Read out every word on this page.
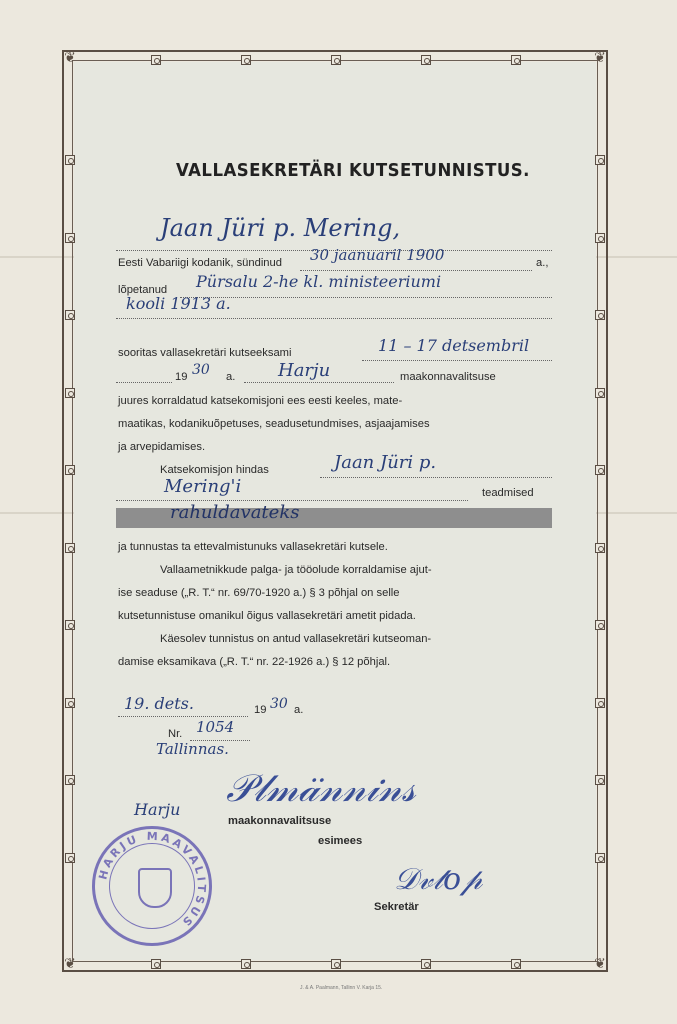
❦	❦
❦	❦
VALLASEKRETÄRI KUTSETUNNISTUS.
Jaan Jüri p. Mering,
Eesti Vabariigi kodanik, sündinud 30 jaanuaril 1900	a.,
lõpetanud Pürsalu 2-he kl. ministeeriumi
kooli 1913 a.
sooritas vallasekretäri kutseeksami	11 – 17 detsembril
19 30 a. Harju	maakonnavalitsuse
juures korraldatud katsekomisjoni ees eesti keeles, mate-
maatikas, kodanikuõpetuses, seadusetundmises, asjaajamises
ja arvepidamises.
Katsekomisjon hindas	Jaan Jüri p.
Mering'i	teadmised
rahuldavateks
ja tunnustas ta ettevalmistunuks vallasekretäri kutsele.
Vallaametnikkude palga- ja tööolude korraldamise ajut-
ise seaduse („R. T.“ nr. 69/70-1920 a.) § 3 põhjal on selle
kutsetunnistuse omanikul õigus vallasekretäri ametit pidada.
Käesolev tunnistus on antud vallasekretäri kutseoman-
damise eksamikava („R. T.“ nr. 22-1926 a.) § 12 põhjal.
19. dets.	19 30 a.
Nr. 1054
Tallinnas.
Harju
maakonnavalitsuse
esimees
𝒫𝓁𝓂𝒶̈𝓃𝓃𝒾𝓃𝓈
Sekretär
𝒟𝓋𝓉𝑜𝓅
HARJU MAAVALITSUS
J. & A. Paalmann, Tallinn V. Karja 15.
